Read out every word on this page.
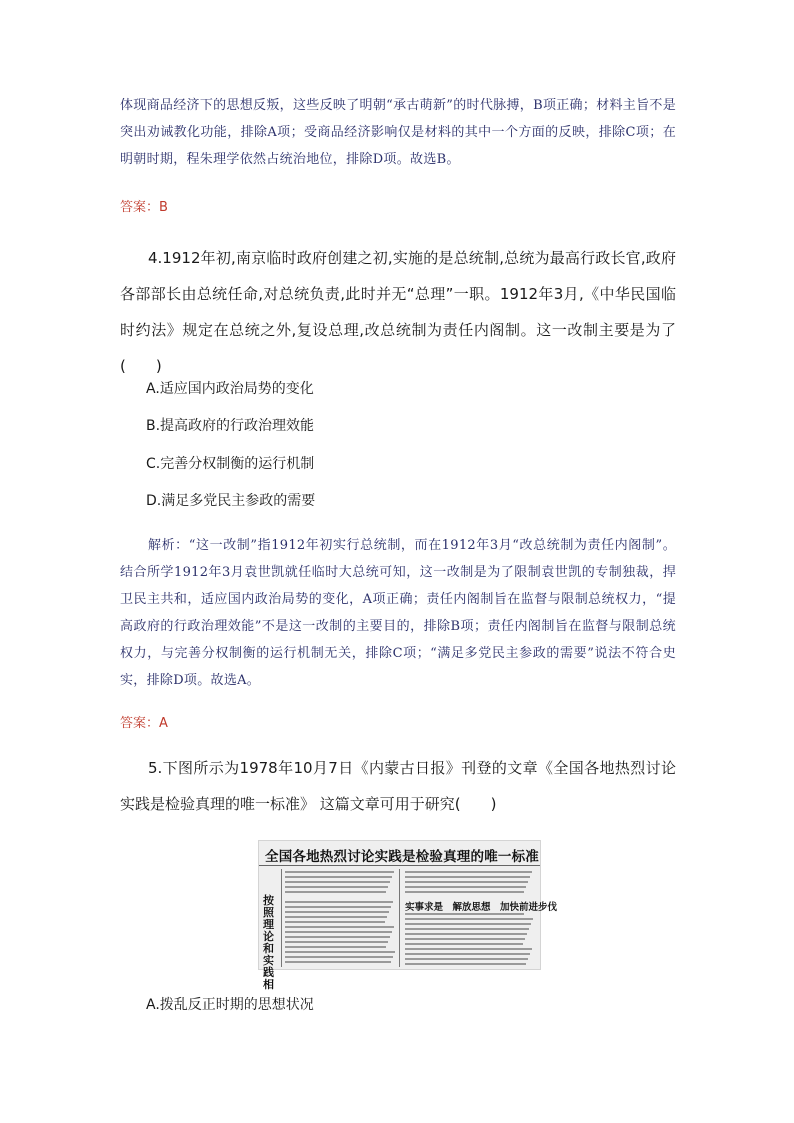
体现商品经济下的思想反叛，这些反映了明朝“承古萌新”的时代脉搏，B项正确；材料主旨不是突出劝诫教化功能，排除A项；受商品经济影响仅是材料的其中一个方面的反映，排除C项；在明朝时期，程朱理学依然占统治地位，排除D项。故选B。
答案：B
4.1912年初,南京临时政府创建之初,实施的是总统制,总统为最高行政长官,政府各部部长由总统任命,对总统负责,此时并无“总理”一职。1912年3月,《中华民国临时约法》规定在总统之外,复设总理,改总统制为责任内阁制。这一改制主要是为了(　　)
A.适应国内政治局势的变化
B.提高政府的行政治理效能
C.完善分权制衡的运行机制
D.满足多党民主参政的需要
解析：“这一改制”指1912年初实行总统制，而在1912年3月“改总统制为责任内阁制”。结合所学1912年3月袁世凯就任临时大总统可知，这一改制是为了限制袁世凯的专制独裁，捍卫民主共和，适应国内政治局势的变化，A项正确；责任内阁制旨在监督与限制总统权力，“提高政府的行政治理效能”不是这一改制的主要目的，排除B项；责任内阁制旨在监督与限制总统权力，与完善分权制衡的运行机制无关，排除C项；“满足多党民主参政的需要”说法不符合史实，排除D项。故选A。
答案：A
5.下图所示为1978年10月7日《内蒙古日报》刊登的文章《全国各地热烈讨论实践是检验真理的唯一标准》 这篇文章可用于研究(　　)
全国各地热烈讨论实践是检验真理的唯一标准
按照理论和实践相
实事求是　解放思想　加快前进步伐
A.拨乱反正时期的思想状况
